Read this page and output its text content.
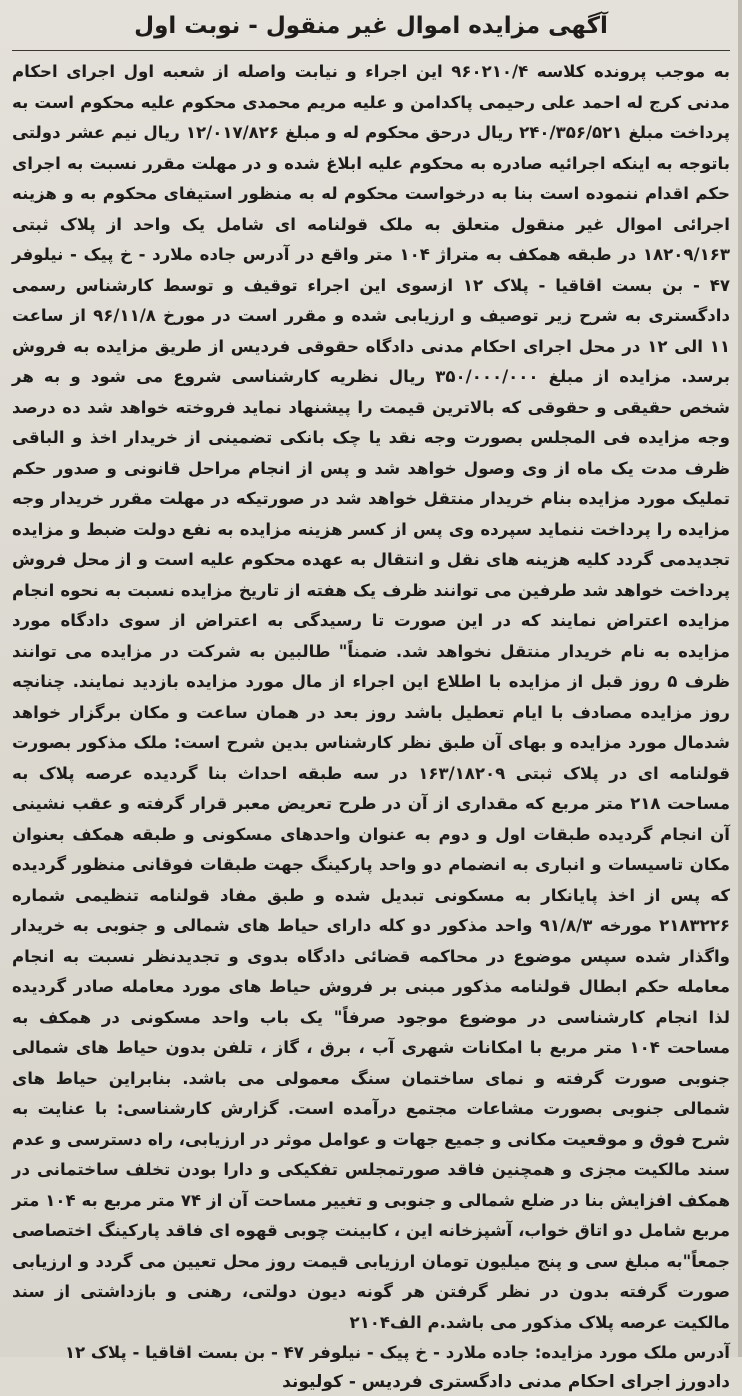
آگهی مزایده اموال غیر منقول - نوبت اول

به موجب پرونده کلاسه ۹۶۰۲۱۰/۴ این اجراء و نیابت واصله از شعبه اول اجرای احکام مدنی کرج له احمد علی رحیمی پاکدامن و علیه مریم محمدی محکوم علیه محکوم است به پرداخت مبلغ ۲۴۰/۳۵۶/۵۲۱ ریال درحق محکوم له و مبلغ ۱۲/۰۱۷/۸۲۶ ریال نیم عشر دولتی باتوجه به اینکه اجرائیه صادره به محکوم علیه ابلاغ شده و در مهلت مقرر نسبت به اجرای حکم اقدام ننموده است بنا به درخواست محکوم له به منظور استیفای محکوم به و هزینه اجرائی اموال غیر منقول متعلق به ملک قولنامه ای شامل یک واحد از پلاک ثبتی ۱۸۲۰۹/۱۶۳ در طبقه همکف به متراژ ۱۰۴ متر واقع در آدرس جاده ملارد - خ پیک - نیلوفر ۴۷ - بن بست اقاقیا - پلاک ۱۲ ازسوی این اجراء توقیف و توسط کارشناس رسمی دادگستری به شرح زیر توصیف و ارزیابی شده و مقرر است در مورخ ۹۶/۱۱/۸ از ساعت ۱۱ الی ۱۲ در محل اجرای احکام مدنی دادگاه حقوقی فردیس از طریق مزایده به فروش برسد. مزایده از مبلغ ۳۵۰/۰۰۰/۰۰۰ ریال نظریه کارشناسی شروع می شود و به هر شخص حقیقی و حقوقی که بالاترین قیمت را پیشنهاد نماید فروخته خواهد شد ده درصد وجه مزایده فی المجلس بصورت وجه نقد یا چک بانکی تضمینی از خریدار اخذ و الباقی ظرف مدت یک ماه از وی وصول خواهد شد و پس از انجام مراحل قانونی و صدور حکم تملیک مورد مزایده بنام خریدار منتقل خواهد شد در صورتیکه در مهلت مقرر خریدار وجه مزایده را پرداخت ننماید سپرده وی پس از کسر هزینه مزایده به نفع دولت ضبط و مزایده تجدیدمی گردد کلیه هزینه های نقل و انتقال به عهده محکوم علیه است و از محل فروش پرداخت خواهد شد طرفین می توانند ظرف یک هفته از تاریخ مزایده نسبت به نحوه انجام مزایده اعتراض نمایند که در این صورت تا رسیدگی به اعتراض از سوی دادگاه مورد مزایده به نام خریدار منتقل نخواهد شد. ضمناً" طالبین به شرکت در مزایده می توانند ظرف ۵ روز قبل از مزایده با اطلاع این اجراء از مال مورد مزایده بازدید نمایند. چنانچه روز مزایده مصادف با ایام تعطیل باشد روز بعد در همان ساعت و مکان برگزار خواهد شدمال مورد مزایده و بهای آن طبق نظر کارشناس بدین شرح است: ملک مذکور بصورت قولنامه ای در پلاک ثبتی ۱۶۳/۱۸۲۰۹ در سه طبقه احداث بنا گردیده عرصه پلاک به مساحت ۲۱۸ متر مربع که مقداری از آن در طرح تعریض معبر قرار گرفته و عقب نشینی آن انجام گردیده طبقات اول و دوم به عنوان واحدهای مسکونی و طبقه همکف بعنوان مکان تاسیسات و انباری به انضمام دو واحد پارکینگ جهت طبقات فوقانی منظور گردیده که پس از اخذ پایانکار به مسکونی تبدیل شده و طبق مفاد قولنامه تنظیمی شماره ۲۱۸۳۲۲۶ مورخه ۹۱/۸/۳ واحد مذکور دو کله دارای حیاط های شمالی و جنوبی به خریدار واگذار شده سپس موضوع در محاکمه قضائی دادگاه بدوی و تجدیدنظر نسبت به انجام معامله حکم ابطال قولنامه مذکور مبنی بر فروش حیاط های مورد معامله صادر گردیده لذا انجام کارشناسی در موضوع موجود صرفاً" یک باب واحد مسکونی در همکف به مساحت ۱۰۴ متر مربع با امکانات شهری آب ، برق ، گاز ، تلفن بدون حیاط های شمالی جنوبی صورت گرفته و نمای ساختمان سنگ معمولی می باشد. بنابراین حیاط های شمالی جنوبی بصورت مشاعات مجتمع درآمده است. گزارش کارشناسی: با عنایت به شرح فوق و موقعیت مکانی و جمیع جهات و عوامل موثر در ارزیابی، راه دسترسی و عدم سند مالکیت مجزی و همچنین فاقد صورتمجلس تفکیکی و دارا بودن تخلف ساختمانی در همکف افزایش بنا در ضلع شمالی و جنوبی و تغییر مساحت آن از ۷۴ متر مربع به ۱۰۴ متر مربع شامل دو اتاق خواب، آشپزخانه این ، کابینت چوبی قهوه ای فاقد پارکینگ اختصاصی جمعاً"به مبلغ سی و پنج میلیون تومان ارزیابی قیمت روز محل تعیین می گردد و ارزیابی صورت گرفته بدون در نظر گرفتن هر گونه دیون دولتی، رهنی و بازداشتی از سند مالکیت عرصه پلاک مذکور می باشد.م الف۲۱۰۴

آدرس ملک مورد مزایده: جاده ملارد - خ پیک - نیلوفر ۴۷ - بن بست اقاقیا - پلاک ۱۲

دادورز اجرای احکام مدنی دادگستری فردیس - کولیوند
